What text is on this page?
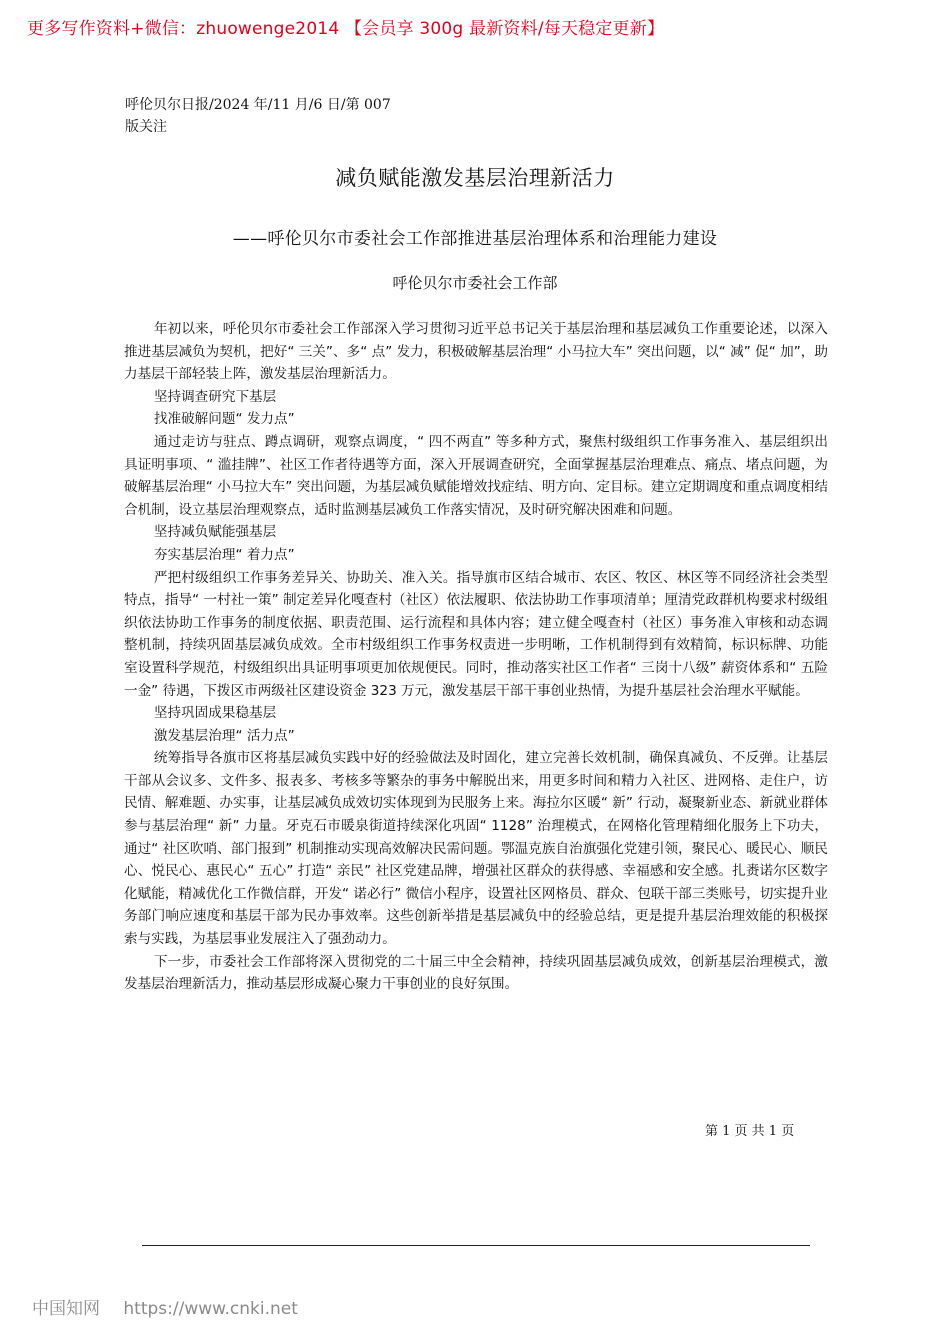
更多写作资料+微信：zhuowenge2014 【会员享 300g 最新资料/每天稳定更新】
呼伦贝尔日报/2024 年/11 月/6 日/第 007
版关注
减负赋能激发基层治理新活力
——呼伦贝尔市委社会工作部推进基层治理体系和治理能力建设
呼伦贝尔市委社会工作部

年初以来，呼伦贝尔市委社会工作部深入学习贯彻习近平总书记关于基层治理和基层减负工作重要论述，以深入推进基层减负为契机，把好“ 三关”、多“ 点” 发力，积极破解基层治理“ 小马拉大车” 突出问题，以“ 减” 促“ 加”，助力基层干部轻装上阵，激发基层治理新活力。

坚持调查研究下基层

找准破解问题“ 发力点”

通过走访与驻点、蹲点调研，观察点调度，“ 四不两直” 等多种方式，聚焦村级组织工作事务准入、基层组织出具证明事项、“ 滥挂牌”、社区工作者待遇等方面，深入开展调查研究，全面掌握基层治理难点、痛点、堵点问题，为破解基层治理“ 小马拉大车” 突出问题，为基层减负赋能增效找症结、明方向、定目标。建立定期调度和重点调度相结合机制，设立基层治理观察点，适时监测基层减负工作落实情况，及时研究解决困难和问题。

坚持减负赋能强基层

夯实基层治理“ 着力点”

严把村级组织工作事务差异关、协助关、准入关。指导旗市区结合城市、农区、牧区、林区等不同经济社会类型特点，指导“ 一村社一策” 制定差异化嘎查村（社区）依法履职、依法协助工作事项清单；厘清党政群机构要求村级组织依法协助工作事务的制度依据、职责范围、运行流程和具体内容；建立健全嘎查村（社区）事务准入审核和动态调整机制，持续巩固基层减负成效。全市村级组织工作事务权责进一步明晰，工作机制得到有效精简，标识标牌、功能室设置科学规范，村级组织出具证明事项更加依规便民。同时，推动落实社区工作者“ 三岗十八级” 薪资体系和“ 五险一金” 待遇，下拨区市两级社区建设资金 323 万元，激发基层干部干事创业热情，为提升基层社会治理水平赋能。

坚持巩固成果稳基层

激发基层治理“ 活力点”

统筹指导各旗市区将基层减负实践中好的经验做法及时固化，建立完善长效机制，确保真减负、不反弹。让基层干部从会议多、文件多、报表多、考核多等繁杂的事务中解脱出来，用更多时间和精力入社区、进网格、走住户，访民情、解难题、办实事，让基层减负成效切实体现到为民服务上来。海拉尔区暖“ 新” 行动，凝聚新业态、新就业群体参与基层治理“ 新” 力量。牙克石市暖泉街道持续深化巩固“ 1128” 治理模式，在网格化管理精细化服务上下功夫，通过“ 社区吹哨、部门报到” 机制推动实现高效解决民需问题。鄂温克族自治旗强化党建引领，聚民心、暖民心、顺民心、悦民心、惠民心“ 五心” 打造“ 亲民” 社区党建品牌，增强社区群众的获得感、幸福感和安全感。扎赉诺尔区数字化赋能，精减优化工作微信群，开发“ 诺必行” 微信小程序，设置社区网格员、群众、包联干部三类账号，切实提升业务部门响应速度和基层干部为民办事效率。这些创新举措是基层减负中的经验总结，更是提升基层治理效能的积极探索与实践，为基层事业发展注入了强劲动力。

下一步，市委社会工作部将深入贯彻党的二十届三中全会精神，持续巩固基层减负成效，创新基层治理模式，激发基层治理新活力，推动基层形成凝心聚力干事创业的良好氛围。

第 1 页 共 1 页
中国知网 https://www.cnki.net
